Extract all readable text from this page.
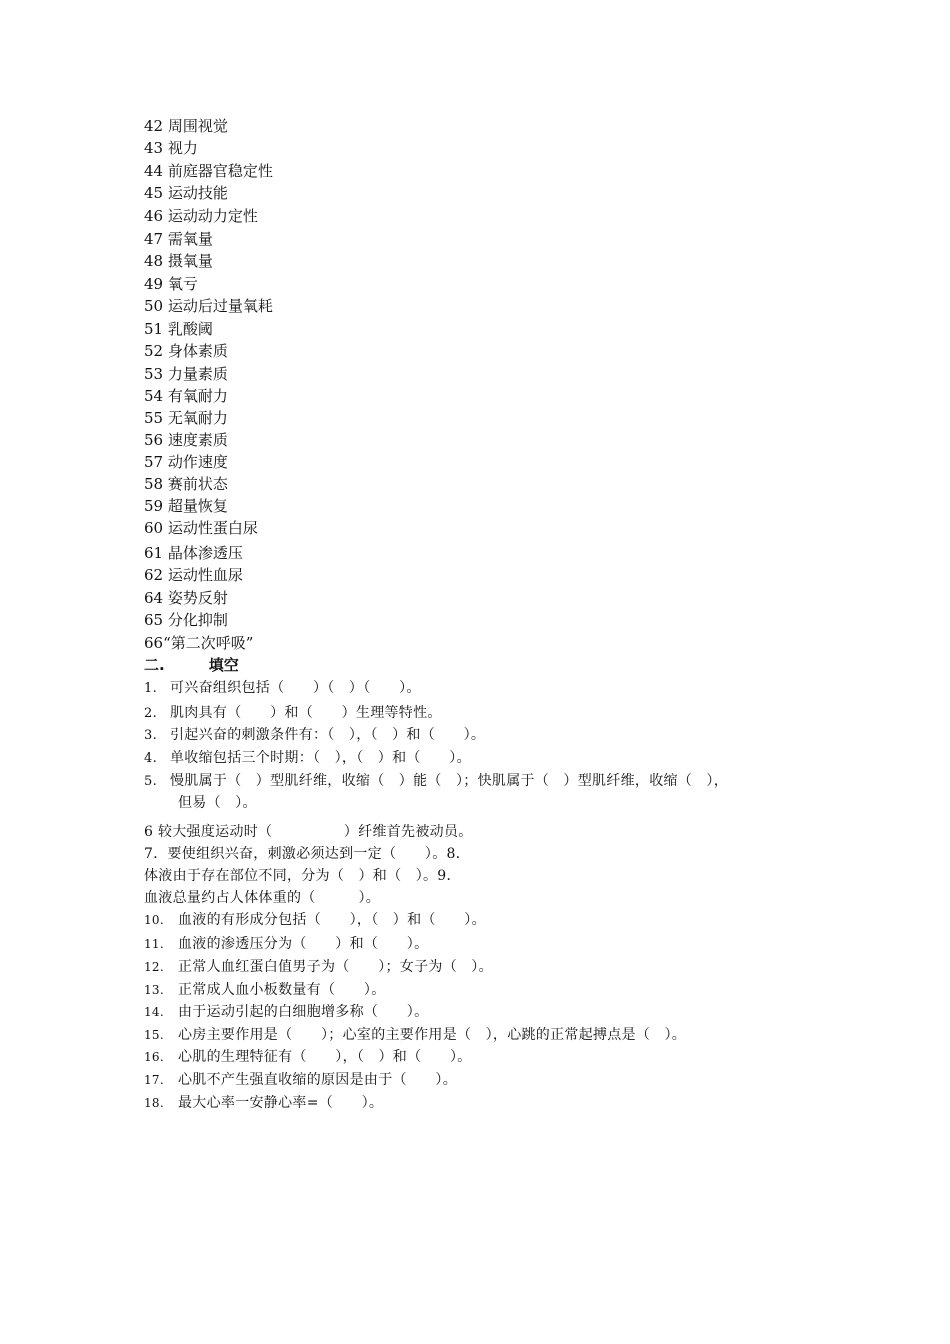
42 周围视觉
43 视力
44 前庭器官稳定性
45 运动技能
46 运动动力定性
47 需氧量
48 摄氧量
49 氧亏
50 运动后过量氧耗
51 乳酸阈
52 身体素质
53 力量素质
54 有氧耐力
55 无氧耐力
56 速度素质
57 动作速度
58 赛前状态
59 超量恢复
60 运动性蛋白尿
61 晶体渗透压
62 运动性血尿
64 姿势反射
65 分化抑制
66“第二次呼吸”
二.	填空
1. 可兴奋组织包括（　　）（　）（　　）。
2. 肌肉具有（　　）和（　　）生理等特性。
3. 引起兴奋的刺激条件有：（　），（　）和（　　）。
4. 单收缩包括三个时期：（　），（　）和（　　）。
5. 慢肌属于（　）型肌纤维，收缩（　）能（　）；快肌属于（　）型肌纤维，收缩（　），
但易（　）。
6 较大强度运动时（　　　　　）纤维首先被动员。
7．要使组织兴奋，刺激必须达到一定（　　）。8．
体液由于存在部位不同，分为（　）和（　）。9．
血液总量约占人体体重的（　　　）。
10. 血液的有形成分包括（　　），（　）和（　　）。
11. 血液的渗透压分为（　　）和（　　）。
12. 正常人血红蛋白值男子为（　　）；女子为（　）。
13. 正常成人血小板数量有（　　）。
14. 由于运动引起的白细胞增多称（　　）。
15. 心房主要作用是（　　）；心室的主要作用是（　），心跳的正常起搏点是（　）。
16. 心肌的生理特征有（　　），（　）和（　　）。
17. 心肌不产生强直收缩的原因是由于（　　）。
18. 最大心率一安静心率=（　　）。
